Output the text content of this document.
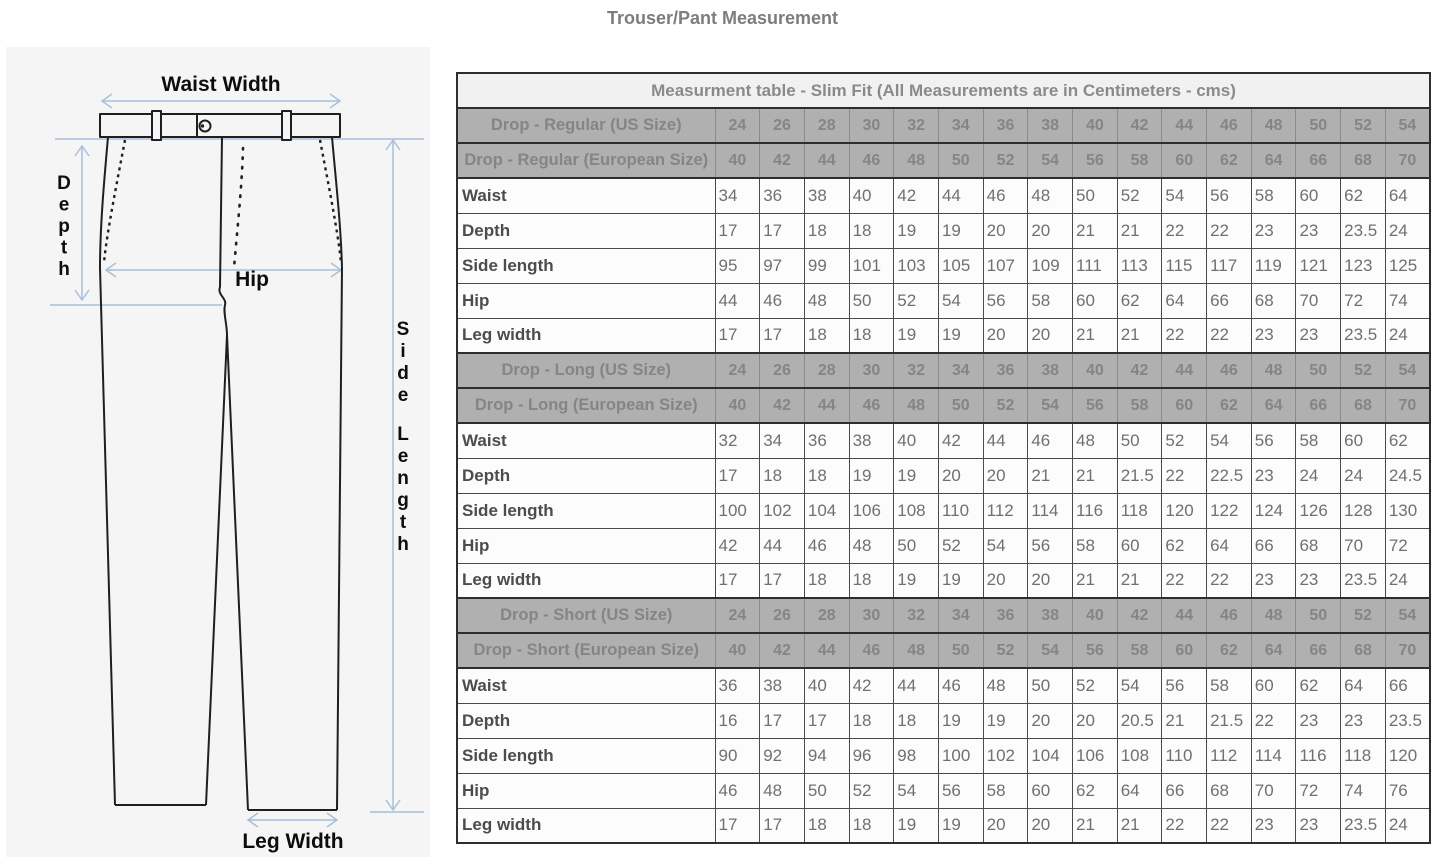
Trouser/Pant Measurement
Waist Width
D e p t h	Hip
S i d e L e n g t h
Leg Width
Measurment table - Slim Fit (All Measurements are in Centimeters - cms)																
Drop - Regular (US Size)	24	26	28	30	32	34	36	38	40	42	44	46	48	50	52	54
Drop - Regular (European Size)	40	42	44	46	48	50	52	54	56	58	60	62	64	66	68	70
Waist	34	36	38	40	42	44	46	48	50	52	54	56	58	60	62	64
Depth	17	17	18	18	19	19	20	20	21	21	22	22	23	23	23.5	24
Side length	95	97	99	101	103	105	107	109	111	113	115	117	119	121	123	125
Hip	44	46	48	50	52	54	56	58	60	62	64	66	68	70	72	74
Leg width	17	17	18	18	19	19	20	20	21	21	22	22	23	23	23.5	24
Drop - Long (US Size)	24	26	28	30	32	34	36	38	40	42	44	46	48	50	52	54
Drop - Long (European Size)	40	42	44	46	48	50	52	54	56	58	60	62	64	66	68	70
Waist	32	34	36	38	40	42	44	46	48	50	52	54	56	58	60	62
Depth	17	18	18	19	19	20	20	21	21	21.5	22	22.5	23	24	24	24.5
Side length	100	102	104	106	108	110	112	114	116	118	120	122	124	126	128	130
Hip	42	44	46	48	50	52	54	56	58	60	62	64	66	68	70	72
Leg width	17	17	18	18	19	19	20	20	21	21	22	22	23	23	23.5	24
Drop - Short (US Size)	24	26	28	30	32	34	36	38	40	42	44	46	48	50	52	54
Drop - Short (European Size)	40	42	44	46	48	50	52	54	56	58	60	62	64	66	68	70
Waist	36	38	40	42	44	46	48	50	52	54	56	58	60	62	64	66
Depth	16	17	17	18	18	19	19	20	20	20.5	21	21.5	22	23	23	23.5
Side length	90	92	94	96	98	100	102	104	106	108	110	112	114	116	118	120
Hip	46	48	50	52	54	56	58	60	62	64	66	68	70	72	74	76
Leg width	17	17	18	18	19	19	20	20	21	21	22	22	23	23	23.5	24
